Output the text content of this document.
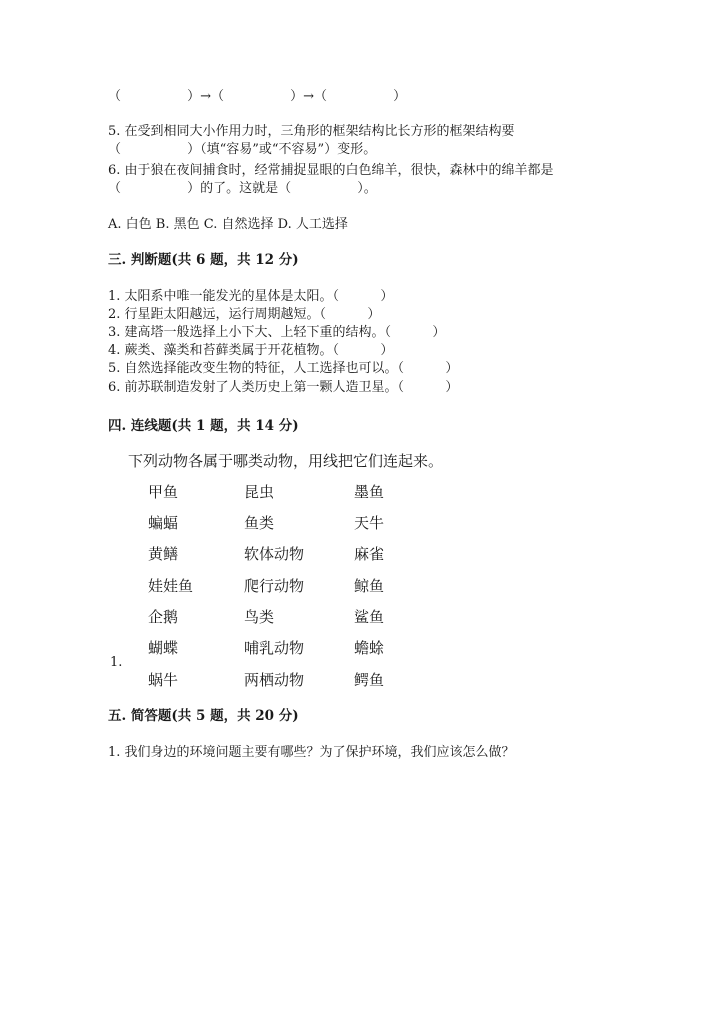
（                ）→（                ）→（                ）
5. 在受到相同大小作用力时，三角形的框架结构比长方形的框架结构要
（                ）（填“容易”或“不容易”）变形。
6. 由于狼在夜间捕食时，经常捕捉显眼的白色绵羊，很快，森林中的绵羊都是
（                ）的了。这就是（                ）。
A. 白色 B. 黑色 C. 自然选择 D. 人工选择
三. 判断题(共 6 题，共 12 分)
1. 太阳系中唯一能发光的星体是太阳。（          ）
2. 行星距太阳越远，运行周期越短。（          ）
3. 建高塔一般选择上小下大、上轻下重的结构。（          ）
4. 蕨类、藻类和苔藓类属于开花植物。（          ）
5. 自然选择能改变生物的特征，人工选择也可以。（          ）
6. 前苏联制造发射了人类历史上第一颗人造卫星。（          ）
四. 连线题(共 1 题，共 14 分)
下列动物各属于哪类动物，用线把它们连起来。
1.
甲鱼	昆虫	墨鱼
蝙蝠	鱼类	天牛
黄鳝	软体动物	麻雀
娃娃鱼	爬行动物	鲸鱼
企鹅	鸟类	鲨鱼
蝴蝶	哺乳动物	蟾蜍
蜗牛	两栖动物	鳄鱼
五. 简答题(共 5 题，共 20 分)
1. 我们身边的环境问题主要有哪些？为了保护环境，我们应该怎么做？
